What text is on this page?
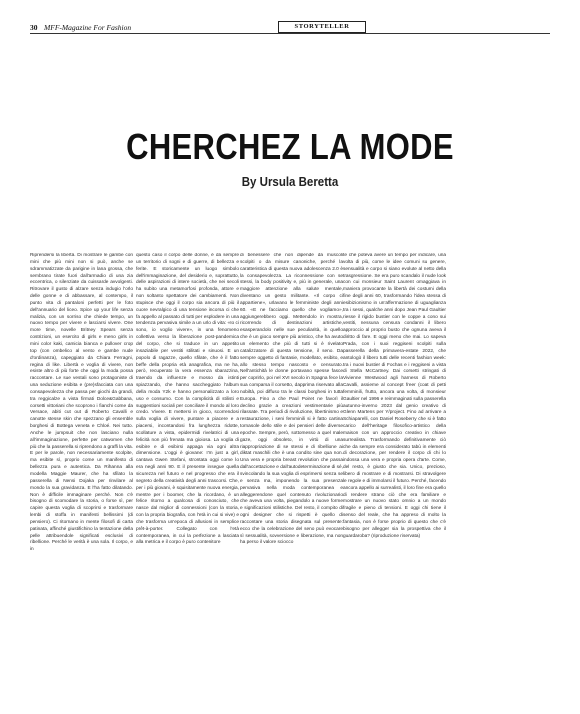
30 MFF-Magazine For Fashion	STORYTELLER
CHERCHEZ LA MODE
By Ursula Beretta

Riprendersi la libertà. Di mostrare le gambe con mini che più mini non si può, anche se sdrammatizzate da parigine in lana grossa, che sembrano tirate fuori dall'armadio di una zia eccentrica, o silenziate da cuissarde avvolgenti. Ritrovare il gusto di alzare senza indugio l'orlo delle gonne e di abbassare, al contempo, il punto vita di pantaloni perfetti per le foto dell'annuario del liceo. Spice up your life senza malizia, con un sorriso che chiede tempo, un nuovo tempo per vivere e lasciarsi vivere. One more time, novelle Britney Spears senza costrizioni, un esercito di girls e meno girls in mini color kaki, camicia bianca e pullover crop top (con ombelico al vento e gambe nude d'ordinanza), capeggiato da Chiara Ferragni, regina di like. Libertà e voglia di vivere, non esiste altro di più forte che oggi la moda possa raccontare. Le sue vestali sono protagoniste di una seduzione esibita e (pre)sfacciata con una consapevolezza che passa per giochi da grandi, tra reggicalze a vista firmati Dolce&Gabbana, corsetti vittoriani che scoprono i fianchi come da Versace, abiti cut out di Roberto Cavalli e canotte stesse skin che spezzano gli ensemble borghesi di Bottega veneta e Chloé. Nei tutto. Anche le jumpsuit che non lasciano nulla all'immaginazione, perfette per catwomen che più che la passerella si riprendono a graffi la vita. E per le parole, non necessariamente scolpite, ma esibite sì, proprio come un manifesto di bellezza pura e autentica. Da Rihanna alla modella Maggie Maurer, che ha sfilato la passerella di Nensi Dojaka per rinvilare al mondo la sua gravidanza. E l'ha fatto dilatando. Non è difficile immaginare perché. Non c'è bisogno di scomodare la storia, o forse sì, per capire questa voglia di scoprirsi e trasformare lembi di stoffa in manifesti bellissimi (di pensiero). Ci ritornano in mente filosofi di carta patinata, affinché giustifichino la tentazione della pelle attribuendole significati esclusivi di ribellione. Perché le verità è una sola. Il corpo, e in

questo caso il corpo delle donne, è da sempre un territorio di sogni e di guerre, di bellezza e ferite. E storicamente un luogo simbolo dell'immaginazione, del desiderio e, soprattutto, delle aspirazioni di intere società, che nei secoli ha subito una metamorfosi profonda, attore e non soltanto spettatore dei cambiamenti. Non stupisce che oggi il corpo sia ancora di più il cuore nevralgico di una tensione incorsa ci che fa appello al passato di tutti per esplodere in una tendenza pervasiva simile a un urlo di vita: «Io ci sono, io voglio vivere», in una fenomeno collettiva verso la liberazione post-pandemica del corpo, che si traduce in un appetito insaziabile per vestiti stilitati e sinuosi. E un popolo di ragazze, quello sfilate, che è il fatto beffe della propria età anagrafica, ma ne ha, però, recuperato la vera essenza sbarazzina, traendo da influenze e mosso da istinti spiazzando, che hanno saccheggiato l'album della moda Y2k e hanno personalizzato a loro uso e consumo. Con la complicità di stilisti e suggestioni sociali per conciliare il mondo al loro credo. Vivere. E mettersi in gioco, scorrendosi sulla voglia di vivere, puntare a piacere e a piacersi, incontandosi fra lunghezza ridotte, scollature a vista, epidermidi rivelatrici di una felicità non più frenata ma gioiosa. La voglia di esibire e di esibirsi appaga via ogni altra dimensione. L'oggi è giovane: I'm just a girl, cantava Gwen Stefani, strontata oggi come lo era negli anni 90. E il presente insegue quella sicurezza nel futuro e nel progresso che era il segreto della creatività degli anni trascorsi. Che, per i più giovani, è squisitamente nuova energia, mentre per i boomer, che la ricordano, è un felice ritorno a qualcosa di conosciuto, che nasce dal miglior di connessioni (con la storia, con la propria biografia, con l'età in cui si vive) e che trasforma un'epoca di allusioni in semplice prêt-à-porter. Collegato con l'età contemporanea, in cui la perfezione a lasciata alla metrica e il corpo è puro contenitore

di benessere che non dipende da muscoli scolpiti o da misure canoniche, perché la caratteristica di questa nuova adolescenza 2.0 è la consapevolezza. La riconnessione con se stessi, la body positivity e, più in generale, una maggiore attenzione alla salute mentale, diventano un gesto militante. «Il corpo ci appartiene», urlavano le femministe degli anni 60. «E ne facciamo quello che vogliamo», aggiungerebbero oggi. Mettendolo in mostra, ricorrendo di destinazioni artistiche, esasperandolo nelle sue peculiarità, in quello che è un gioco sempre più aristico, che ha avuto un elemento che più di tutti si è rivelato catalizzatore di questa tensione, il seno. Da sempre oggetto di fantasie, modellato, esibito, e allo stesso tempo nascosto e censurato. Nell'antichità le donne portavano spesse fasce per coprirlo, poi nel XVI secolo in Spagna fece la sua comparsa il corsetto, dapprima riservato alla nobiltà, poi diffuso tra le classi borghesi in tutta Europa. Fino a che Paul Poiret ne favorì il declino grazie a creazioni vestimentarie più rilassate. Tra periodi di rivoluzione, libertinismo e restaurazione, i seni femminili si è fatto cartina tornasole dello stile e dei pensieri delle diverse epoche. Sempre, però, sottomesso a quel male gaze, oggi obsoleto, in virtù di una riappropriazione di se stessi e di ribellione ai diktat maschili che è una condito sine qua non. Una vera e propria breast revolution che passa dall'accettazione e dall'autodeterminazione di sé, svincolando la sua voglia di esprimersi senza se e senza ma, imponendo la sua presenza pervasiva nella moda contemporanea e alleggerendone quel contenuto rivoluzionario che aveva una volta, piegandolo a nuove forme e significazioni stilistiche. Del resto, il compito di ogni designer che si rispetti è quello di raccontare una storia disegnata sul presente: ecco che la celebrazione del seno può evocare sì sessualità, sovversione e liberazione, ma non ha perso il valore sciocco

te che poteva avere un tempo per indicare, una volta di più, come le idee comuni su genere, sensualità e corpo si siano evolute al netto della trasgressione. Se era puro scandalo il nude look con cui monsieur Saint Laurent omaggiava in maniera provocante la libertà dei costumi della fine degli anni 60, trasformando l'idea stessa di esibizionismo in un'affermazione di uguaglianza tra i sessi, qualche anni dopo Jean Paul Gaultier riesse il rigido bustier con le coppe a cono sui vestiti, nessuna censura condanni il libero approccio al proprio busto che ognuna aveva il diritto di fare. E oggi meno che mai. Lo sapeva Prada, con i suoi reggiseni scolpiti sulla passerella della primavera-estate 2022, che antologò il libero tutti delle recenti fashion week: tra i nuovi bustier di Fochas e i reggiseni a vista di Stella McCartney. Dai corsetti stringati di Vivienne Westwood agli harness di Roberto Cavalli, assieme al concept freer (coat di petti femminili, frutto, ancora una volta, di monsieur Gaultier nel 1996 e reimmaginati sulla passerella autunno-inverno 2023 dal genio creativo di Glenn Martens per Y/project. Fino ad arrivare a Schiaparelli, con Daniel Roseberry che si è fatto carico dell'heritage filosofico-artistico della maison con un approccio creativo in chiave surrealista. Trasformando definitivamente ciò che da sempre era considerato tabù in elementi di decorazione, per rendere il corpo di chi lo indossa una vera e propria opera d'arte. Come, del resto, è giusto che sia. Unico, prezioso, libero di mostrare e di mostrarsi. Di stravolgere le regole e di immolarsi il futuro. Perché, facendo ancora appello ai surrealisti, il loro fine era quello di rendere strano ciò che era familiare e mostrare un nuovo stato omnio a un mondo fragile e pieno di tensioni. E oggi chi tiene il senso del reale, che ha appreso di molto la fantasia, non è forse proprio di questo che c'è bisogno per allegger sia la prospettiva che il guardaroba? (riproduzione riservata)
